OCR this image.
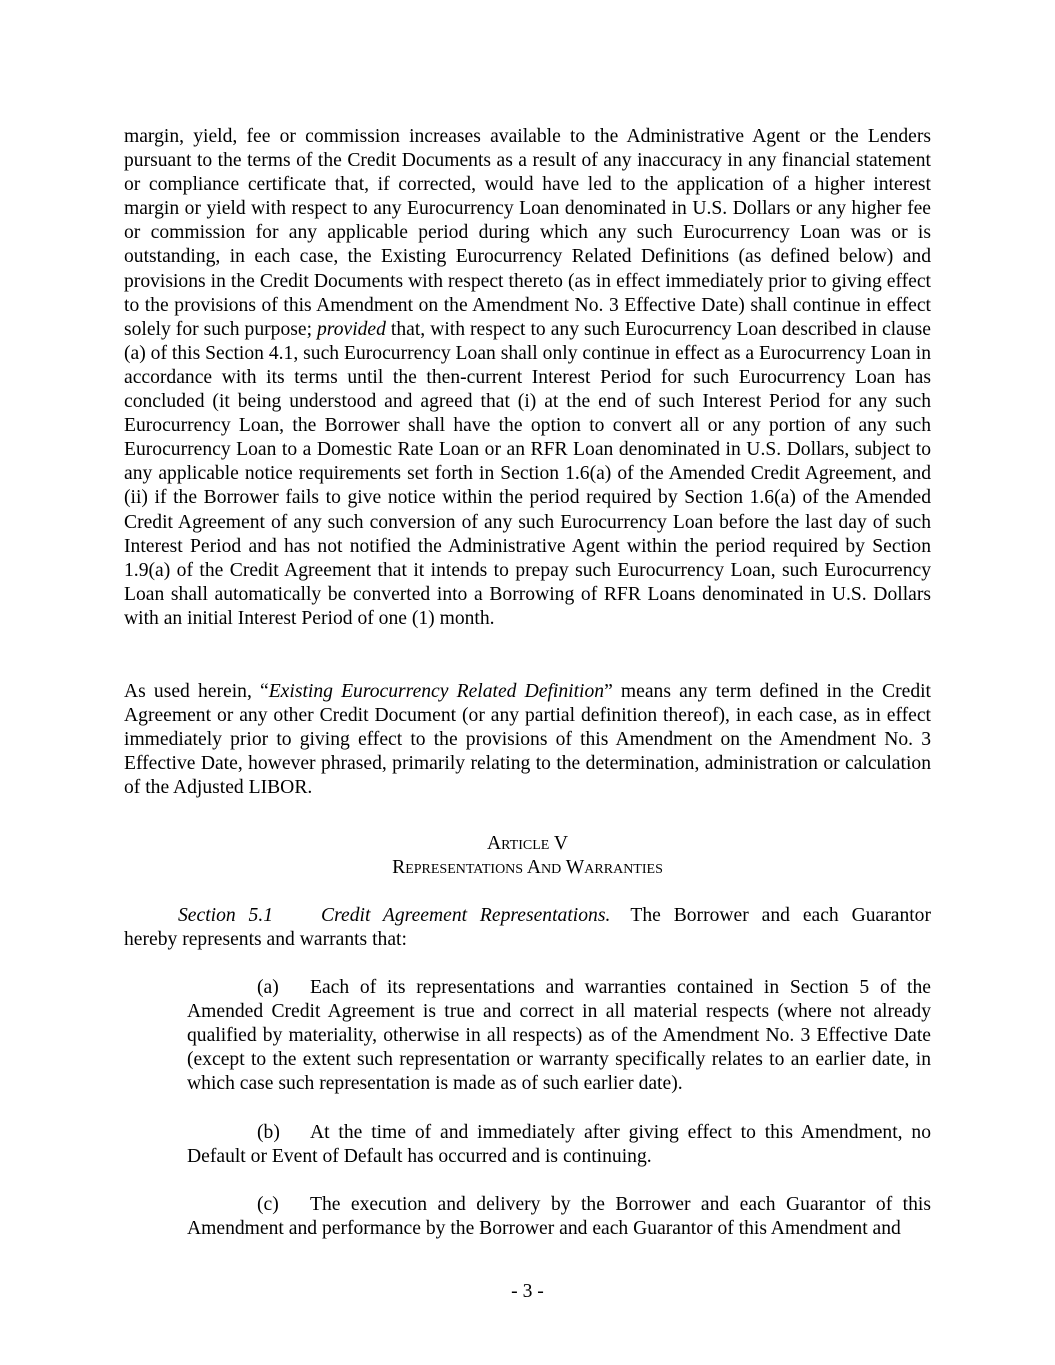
margin, yield, fee or commission increases available to the Administrative Agent or the Lenders pursuant to the terms of the Credit Documents as a result of any inaccuracy in any financial statement or compliance certificate that, if corrected, would have led to the application of a higher interest margin or yield with respect to any Eurocurrency Loan denominated in U.S. Dollars or any higher fee or commission for any applicable period during which any such Eurocurrency Loan was or is outstanding, in each case, the Existing Eurocurrency Related Definitions (as defined below) and provisions in the Credit Documents with respect thereto (as in effect immediately prior to giving effect to the provisions of this Amendment on the Amendment No. 3 Effective Date) shall continue in effect solely for such purpose; provided that, with respect to any such Eurocurrency Loan described in clause (a) of this Section 4.1, such Eurocurrency Loan shall only continue in effect as a Eurocurrency Loan in accordance with its terms until the then-current Interest Period for such Eurocurrency Loan has concluded (it being understood and agreed that (i) at the end of such Interest Period for any such Eurocurrency Loan, the Borrower shall have the option to convert all or any portion of any such Eurocurrency Loan to a Domestic Rate Loan or an RFR Loan denominated in U.S. Dollars, subject to any applicable notice requirements set forth in Section 1.6(a) of the Amended Credit Agreement, and (ii) if the Borrower fails to give notice within the period required by Section 1.6(a) of the Amended Credit Agreement of any such conversion of any such Eurocurrency Loan before the last day of such Interest Period and has not notified the Administrative Agent within the period required by Section 1.9(a) of the Credit Agreement that it intends to prepay such Eurocurrency Loan, such Eurocurrency Loan shall automatically be converted into a Borrowing of RFR Loans denominated in U.S. Dollars with an initial Interest Period of one (1) month.

As used herein, “Existing Eurocurrency Related Definition” means any term defined in the Credit Agreement or any other Credit Document (or any partial definition thereof), in each case, as in effect immediately prior to giving effect to the provisions of this Amendment on the Amendment No. 3 Effective Date, however phrased, primarily relating to the determination, administration or calculation of the Adjusted LIBOR.

Article V

Representations And Warranties

Section 5.1 Credit Agreement Representations. The Borrower and each Guarantor hereby represents and warrants that:

(a) Each of its representations and warranties contained in Section 5 of the Amended Credit Agreement is true and correct in all material respects (where not already qualified by materiality, otherwise in all respects) as of the Amendment No. 3 Effective Date (except to the extent such representation or warranty specifically relates to an earlier date, in which case such representation is made as of such earlier date).

(b) At the time of and immediately after giving effect to this Amendment, no Default or Event of Default has occurred and is continuing.

(c) The execution and delivery by the Borrower and each Guarantor of this Amendment and performance by the Borrower and each Guarantor of this Amendment and

- 3 -
